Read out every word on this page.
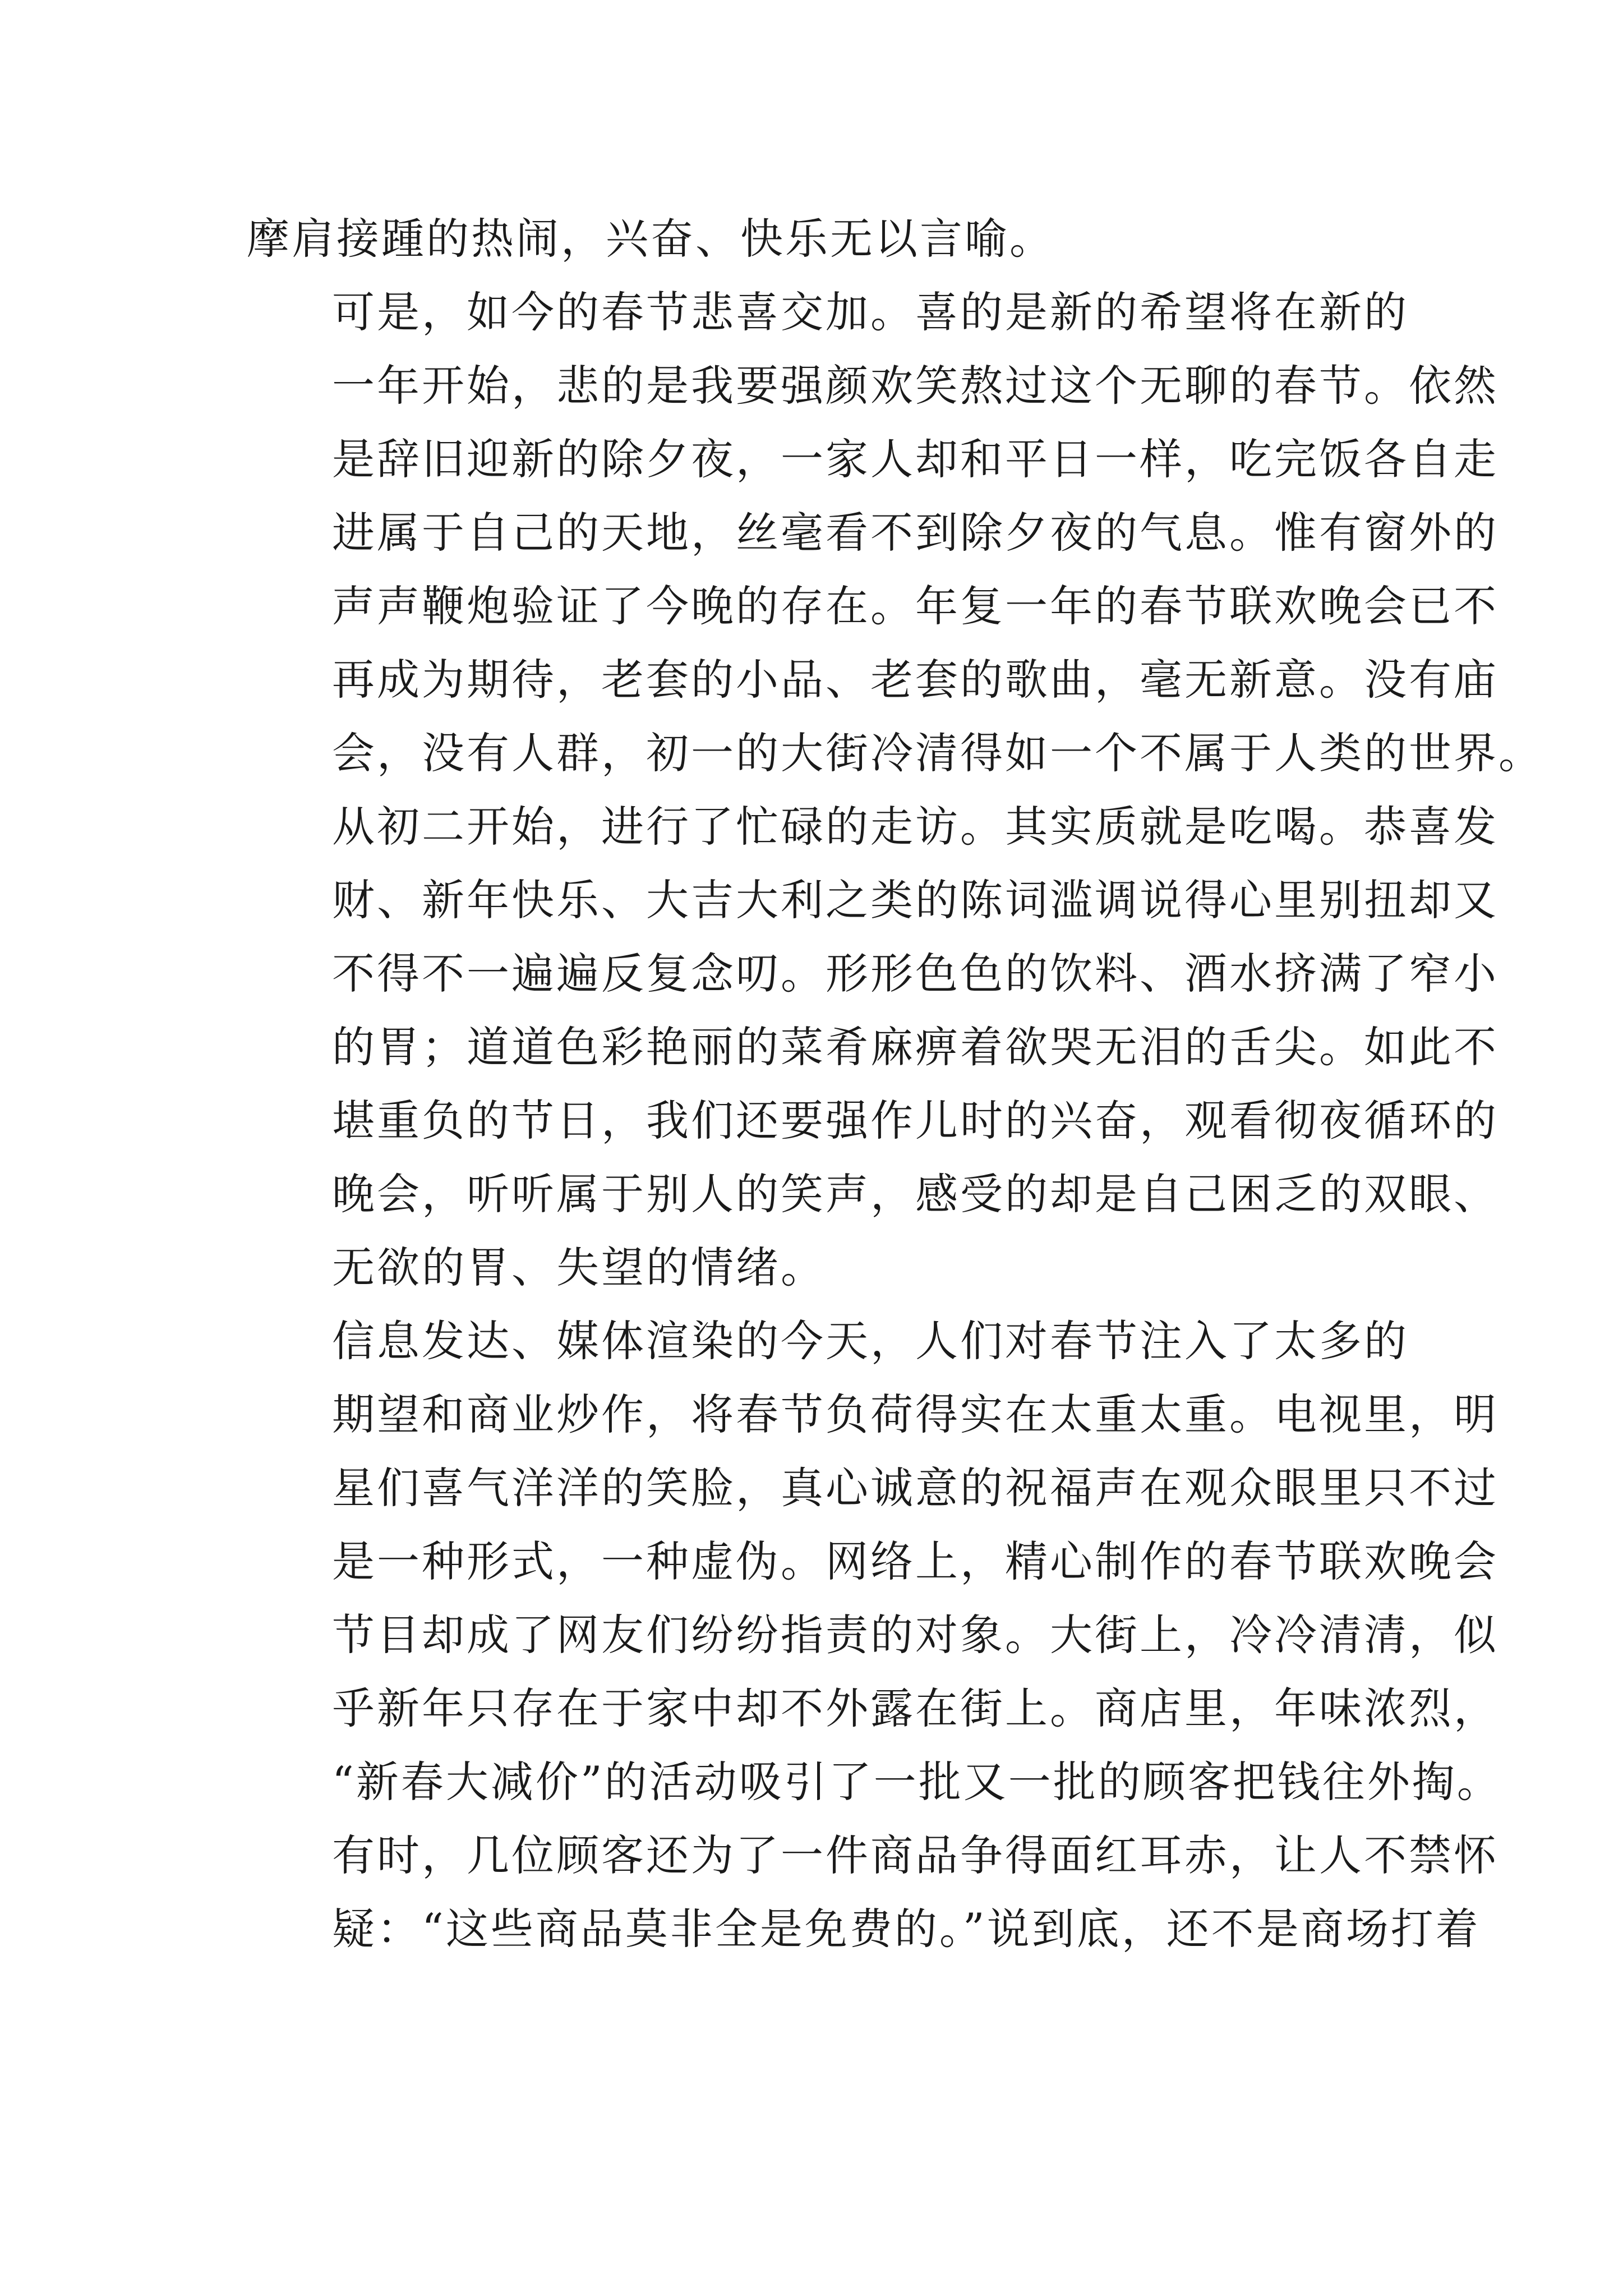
摩肩接踵的热闹，兴奋、快乐无以言喻。
可是，如今的春节悲喜交加。喜的是新的希望将在新的
一年开始，悲的是我要强颜欢笑熬过这个无聊的春节。依然
是辞旧迎新的除夕夜，一家人却和平日一样，吃完饭各自走
进属于自己的天地，丝毫看不到除夕夜的气息。惟有窗外的
声声鞭炮验证了今晚的存在。年复一年的春节联欢晚会已不
再成为期待，老套的小品、老套的歌曲，毫无新意。没有庙
会，没有人群，初一的大街冷清得如一个不属于人类的世界。
从初二开始，进行了忙碌的走访。其实质就是吃喝。恭喜发
财、新年快乐、大吉大利之类的陈词滥调说得心里别扭却又
不得不一遍遍反复念叨。形形色色的饮料、酒水挤满了窄小
的胃；道道色彩艳丽的菜肴麻痹着欲哭无泪的舌尖。如此不
堪重负的节日，我们还要强作儿时的兴奋，观看彻夜循环的
晚会，听听属于别人的笑声，感受的却是自己困乏的双眼、
无欲的胃、失望的情绪。
信息发达、媒体渲染的今天，人们对春节注入了太多的
期望和商业炒作，将春节负荷得实在太重太重。电视里，明
星们喜气洋洋的笑脸，真心诚意的祝福声在观众眼里只不过
是一种形式，一种虚伪。网络上，精心制作的春节联欢晚会
节目却成了网友们纷纷指责的对象。大街上，冷冷清清，似
乎新年只存在于家中却不外露在街上。商店里，年味浓烈，
“新春大减价”的活动吸引了一批又一批的顾客把钱往外掏。
有时，几位顾客还为了一件商品争得面红耳赤，让人不禁怀
疑：“这些商品莫非全是免费的。”说到底，还不是商场打着
